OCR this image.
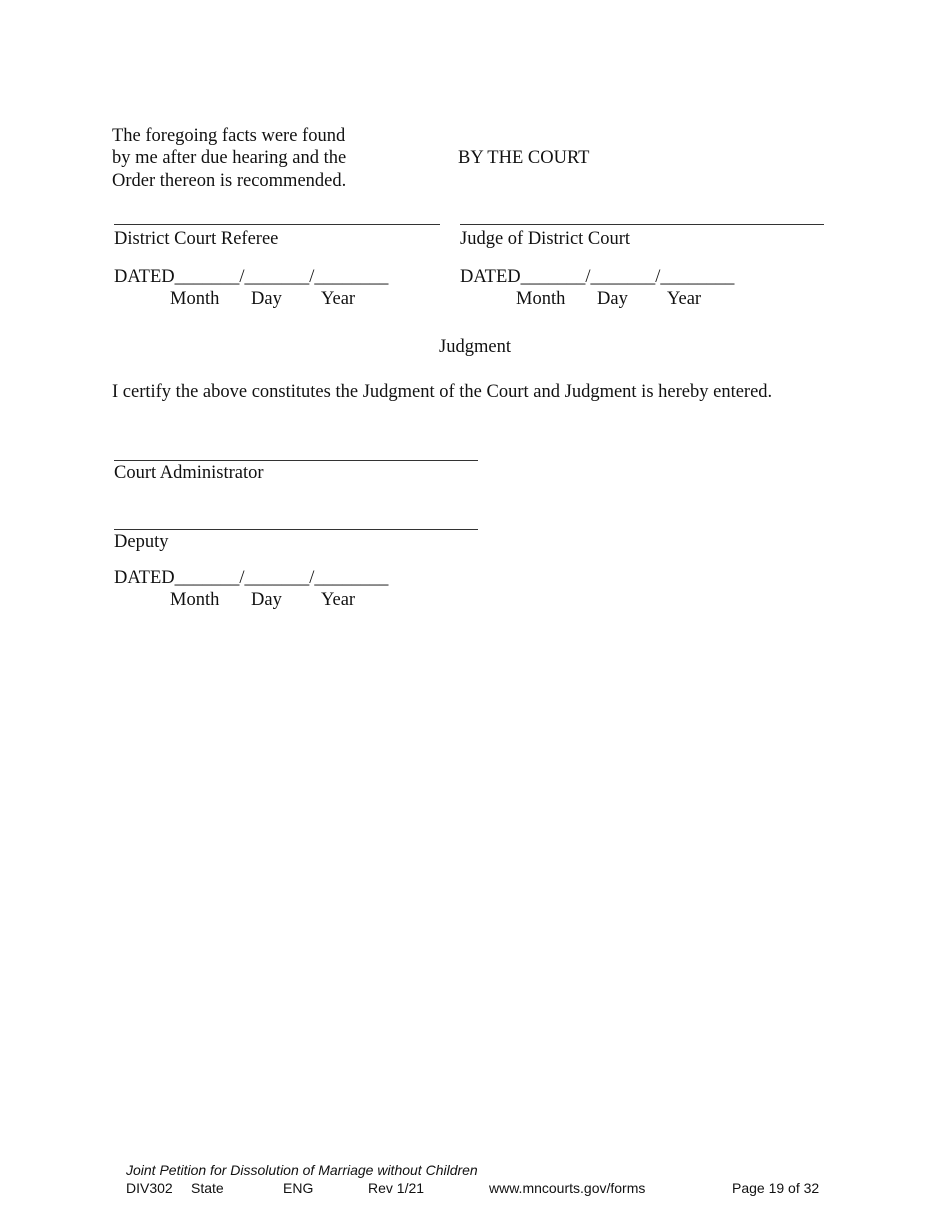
The foregoing facts were found
by me after due hearing and the
Order thereon is recommended.
BY THE COURT
District Court Referee	Judge of District Court
DATED_______/_______/________
Month Day Year
DATED_______/_______/________
Month Day Year
Judgment
I certify the above constitutes the Judgment of the Court and Judgment is hereby entered.
Court Administrator
Deputy
DATED_______/_______/________
Month Day Year
Joint Petition for Dissolution of Marriage without Children
DIV302 State	ENG	Rev 1/21	www.mncourts.gov/forms	Page 19 of 32
